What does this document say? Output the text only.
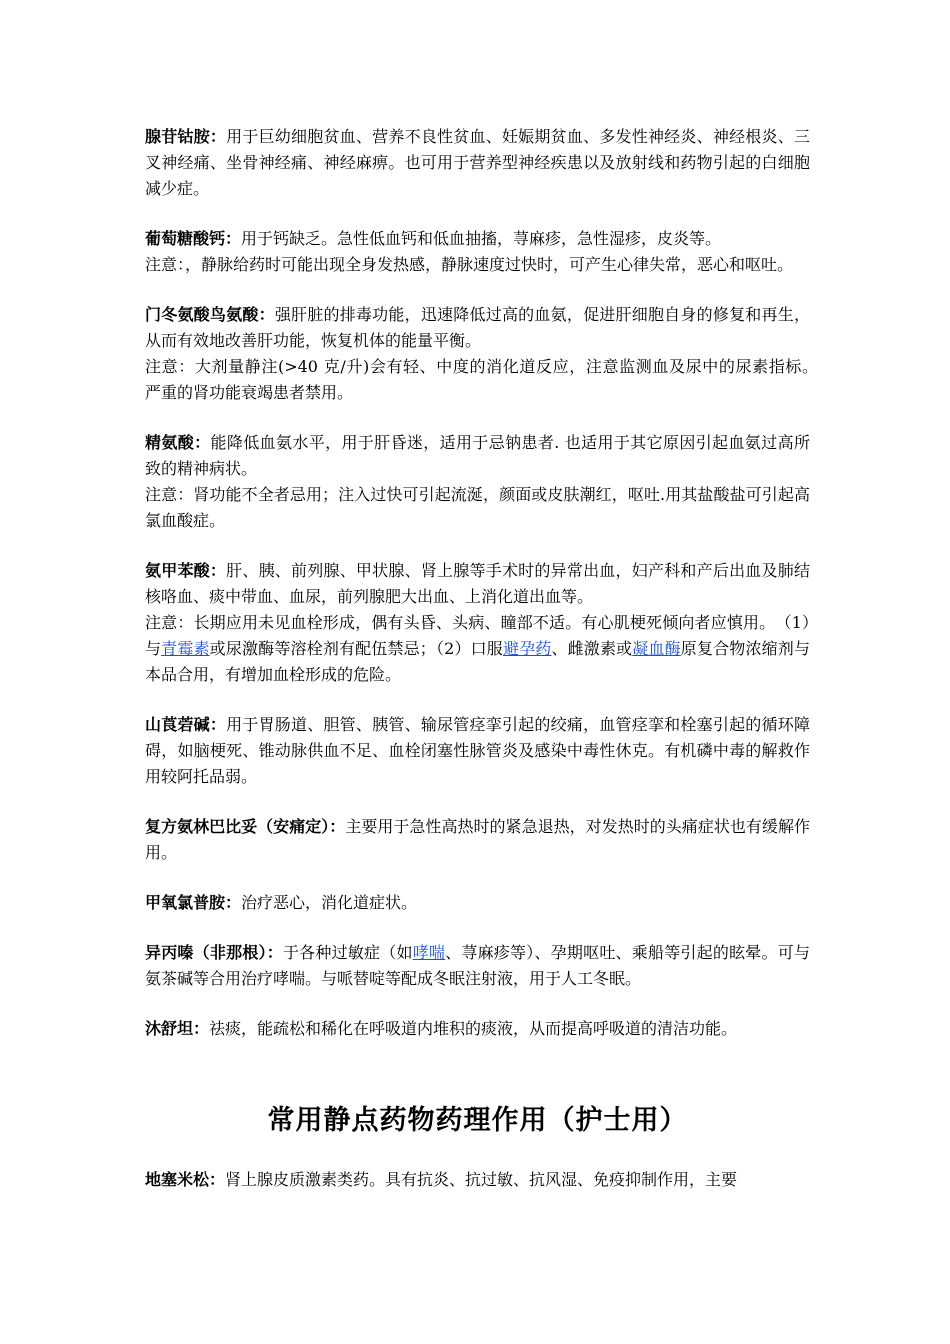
腺苷钴胺：用于巨幼细胞贫血、营养不良性贫血、妊娠期贫血、多发性神经炎、神经根炎、三叉神经痛、坐骨神经痛、神经麻痹。也可用于营养型神经疾患以及放射线和药物引起的白细胞减少症。

葡萄糖酸钙：用于钙缺乏。急性低血钙和低血抽搐，荨麻疹，急性湿疹，皮炎等。
注意：，静脉给药时可能出现全身发热感，静脉速度过快时，可产生心律失常，恶心和呕吐。

门冬氨酸鸟氨酸：强肝脏的排毒功能，迅速降低过高的血氨，促进肝细胞自身的修复和再生，从而有效地改善肝功能，恢复机体的能量平衡。
注意：大剂量静注(>40 克/升)会有轻、中度的消化道反应，注意监测血及尿中的尿素指标。　严重的肾功能衰竭患者禁用。

精氨酸：能降低血氨水平，用于肝昏迷，适用于忌钠患者. 也适用于其它原因引起血氨过高所致的精神病状。
注意：肾功能不全者忌用；注入过快可引起流涎，颜面或皮肤潮红，呕吐.用其盐酸盐可引起高氯血酸症。

氨甲苯酸：肝、胰、前列腺、甲状腺、肾上腺等手术时的异常出血，妇产科和产后出血及肺结核咯血、痰中带血、血尿，前列腺肥大出血、上消化道出血等。
注意：长期应用未见血栓形成，偶有头昏、头病、瞳部不适。有心肌梗死倾向者应慎用。　（1）与青霉素或尿激酶等溶栓剂有配伍禁忌；（2）口服避孕药、雌激素或凝血酶原复合物浓缩剂与本品合用，有增加血栓形成的危险。

山莨菪碱：用于胃肠道、胆管、胰管、输尿管痉挛引起的绞痛，血管痉挛和栓塞引起的循环障碍，如脑梗死、锥动脉供血不足、血栓闭塞性脉管炎及感染中毒性休克。有机磷中毒的解救作用较阿托品弱。

复方氨林巴比妥（安痛定）：主要用于急性高热时的紧急退热，对发热时的头痛症状也有缓解作用。

甲氧氯普胺：治疗恶心，消化道症状。

异丙嗪（非那根）：于各种过敏症（如哮喘、荨麻疹等）、孕期呕吐、乘船等引起的眩晕。可与氨茶碱等合用治疗哮喘。与哌替啶等配成冬眠注射液，用于人工冬眠。

沐舒坦：祛痰，能疏松和稀化在呼吸道内堆积的痰液，从而提高呼吸道的清洁功能。

常用静点药物药理作用（护士用）

地塞米松：肾上腺皮质激素类药。具有抗炎、抗过敏、抗风湿、免疫抑制作用，主要
